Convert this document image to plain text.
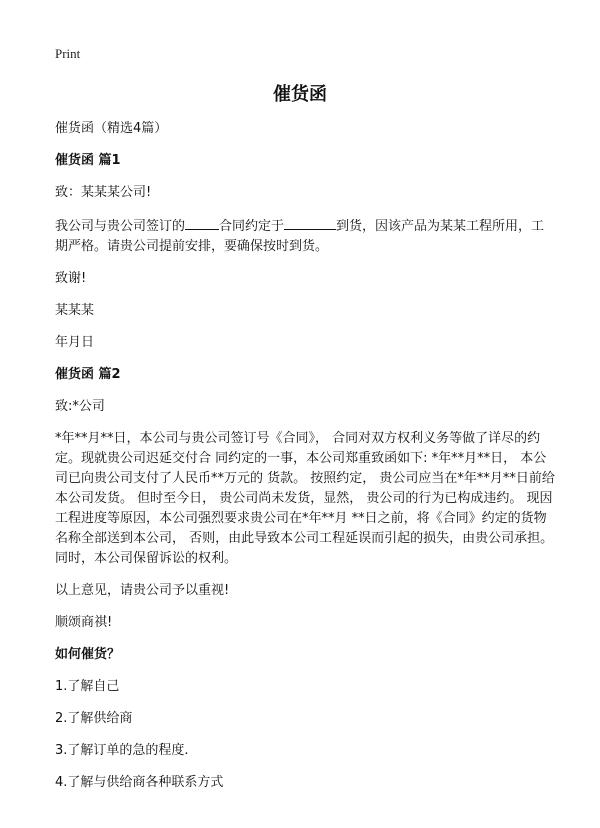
Print
催货函

催货函（精选4篇）

催货函 篇1

致：某某某公司!

我公司与贵公司签订的	合同约定于	到货，因该产品为某某工程所用，工期严格。请贵公司提前安排，要确保按时到货。

致谢!

某某某

年月日

催货函 篇2

致:*公司

*年**月**日，本公司与贵公司签订号《合同》， 合同对双方权利义务等做了详尽的约定。现就贵公司迟延交付合 同约定的一事，本公司郑重致函如下: *年**月**日， 本公司已向贵公司支付了人民币**万元的 货款。 按照约定， 贵公司应当在*年**月**日前给本公司发货。 但时至今日， 贵公司尚未发货，显然， 贵公司的行为已构成违约。 现因工程进度等原因，本公司强烈要求贵公司在*年**月 **日之前，将《合同》约定的货物名称全部送到本公司， 否则，由此导致本公司工程延误而引起的损失，由贵公司承担。 同时，本公司保留诉讼的权利。

以上意见，请贵公司予以重视!

顺颂商祺!

如何催货？

1.了解自己

2.了解供给商

3.了解订单的急的程度.

4.了解与供给商各种联系方式
